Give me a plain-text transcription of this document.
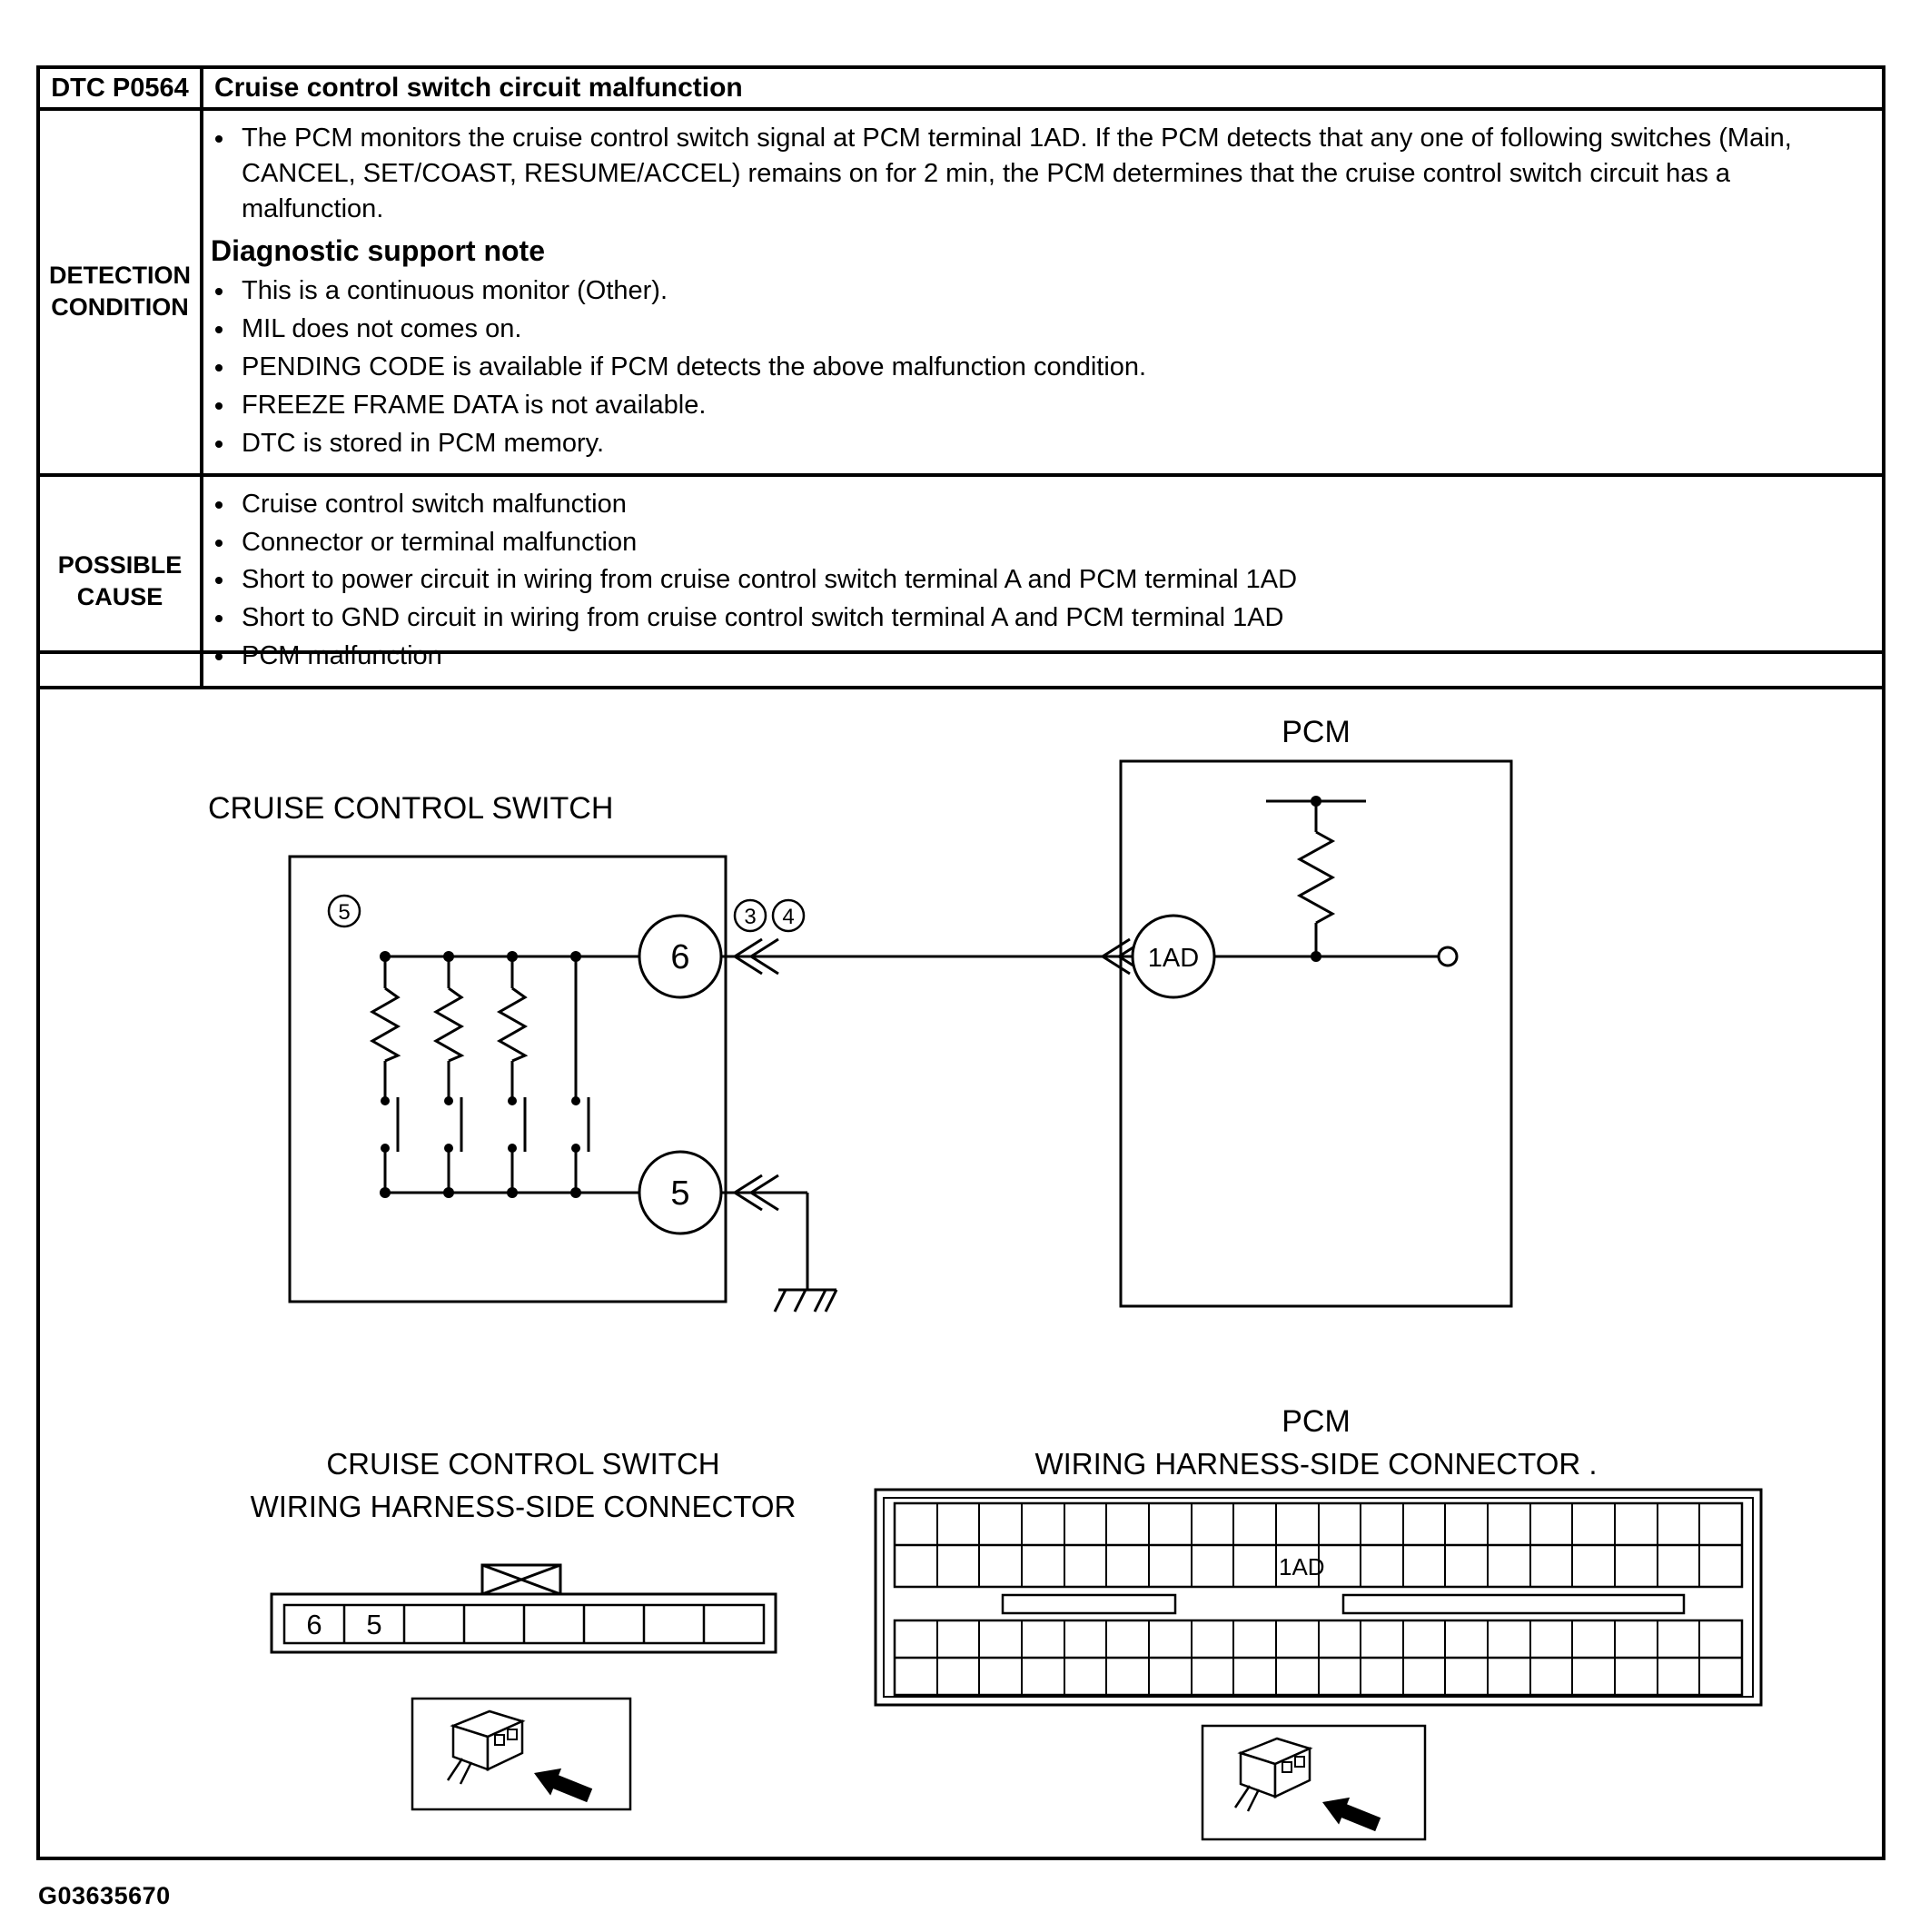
DTC P0564	Cruise control switch circuit malfunction

DETECTION
CONDITION

• The PCM monitors the cruise control switch signal at PCM terminal 1AD. If the PCM detects that any one of following switches (Main, CANCEL, SET/COAST, RESUME/ACCEL) remains on for 2 min, the PCM determines that the cruise control switch circuit has a malfunction.
Diagnostic support note
• This is a continuous monitor (Other).
• MIL does not comes on.
• PENDING CODE is available if PCM detects the above malfunction condition.
• FREEZE FRAME DATA is not available.
• DTC is stored in PCM memory.

POSSIBLE
CAUSE

• Cruise control switch malfunction
• Connector or terminal malfunction
• Short to power circuit in wiring from cruise control switch terminal A and PCM terminal 1AD
• Short to GND circuit in wiring from cruise control switch terminal A and PCM terminal 1AD
• PCM malfunction
PCM
CRUISE CONTROL SWITCH
6
5
1AD
5	3 4
CRUISE CONTROL SWITCH
WIRING HARNESS-SIDE CONNECTOR
6 5
PCM
WIRING HARNESS-SIDE CONNECTOR .
1AD
G03635670
